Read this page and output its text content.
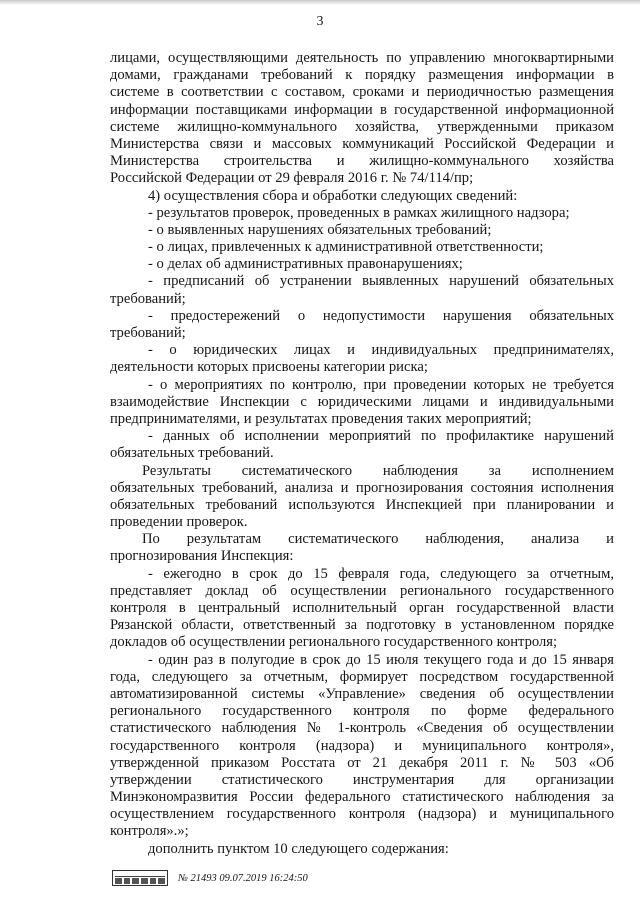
3
лицами, осуществляющими деятельность по управлению многоквартирными
домами, гражданами требований к порядку размещения информации в
системе в соответствии с составом, сроками и периодичностью размещения
информации поставщиками информации в государственной информационной
системе жилищно-коммунального хозяйства, утвержденными приказом
Министерства связи и массовых коммуникаций Российской Федерации и
Министерства строительства и жилищно-коммунального хозяйства
Российской Федерации от 29 февраля 2016 г. № 74/114/пр;
4) осуществления сбора и обработки следующих сведений:
- результатов проверок, проведенных в рамках жилищного надзора;
- о выявленных нарушениях обязательных требований;
- о лицах, привлеченных к административной ответственности;
- о делах об административных правонарушениях;
- предписаний об устранении выявленных нарушений обязательных
требований;
- предостережений о недопустимости нарушения обязательных
требований;
- о юридических лицах и индивидуальных предпринимателях,
деятельности которых присвоены категории риска;
- о мероприятиях по контролю, при проведении которых не требуется
взаимодействие Инспекции с юридическими лицами и индивидуальными
предпринимателями, и результатах проведения таких мероприятий;
- данных об исполнении мероприятий по профилактике нарушений
обязательных требований.
Результаты систематического наблюдения за исполнением
обязательных требований, анализа и прогнозирования состояния исполнения
обязательных требований используются Инспекцией при планировании и
проведении проверок.
По результатам систематического наблюдения, анализа и
прогнозирования Инспекция:
- ежегодно в срок до 15 февраля года, следующего за отчетным,
представляет доклад об осуществлении регионального государственного
контроля в центральный исполнительный орган государственной власти
Рязанской области, ответственный за подготовку в установленном порядке
докладов об осуществлении регионального государственного контроля;
- один раз в полугодие в срок до 15 июля текущего года и до 15 января
года, следующего за отчетным, формирует посредством государственной
автоматизированной системы «Управление» сведения об осуществлении
регионального государственного контроля по форме федерального
статистического наблюдения № 1-контроль «Сведения об осуществлении
государственного контроля (надзора) и муниципального контроля»,
утвержденной приказом Росстата от 21 декабря 2011 г. № 503 «Об
утверждении статистического инструментария для организации
Минэкономразвития России федерального статистического наблюдения за
осуществлением государственного контроля (надзора) и муниципального
контроля».»;
дополнить пунктом 10 следующего содержания:
№ 21493 09.07.2019 16:24:50
